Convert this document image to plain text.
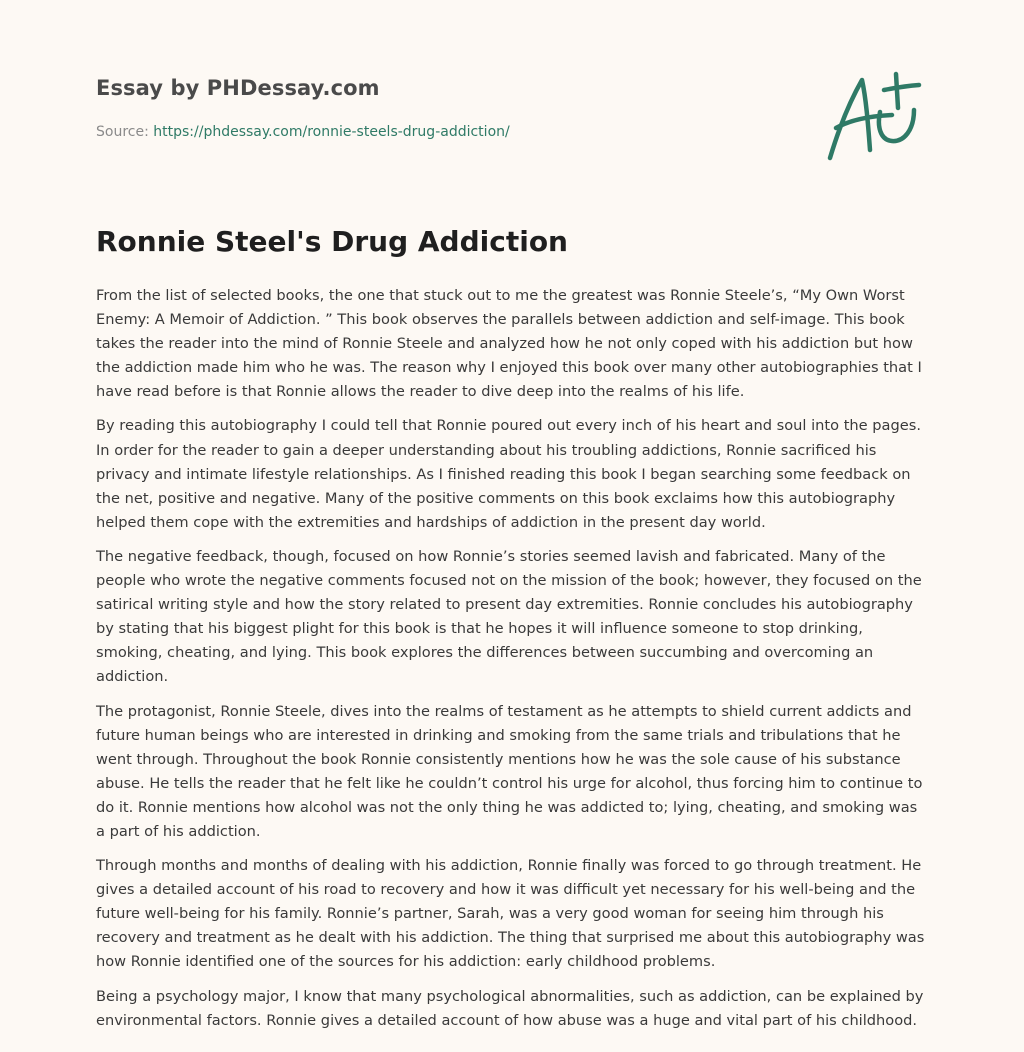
Essay by PHDessay.com
Source: https://phdessay.com/ronnie-steels-drug-addiction/
Ronnie Steel's Drug Addiction

From the list of selected books, the one that stuck out to me the greatest was Ronnie Steele’s, “My Own Worst Enemy: A Memoir of Addiction. ” This book observes the parallels between addiction and self-image. This book takes the reader into the mind of Ronnie Steele and analyzed how he not only coped with his addiction but how the addiction made him who he was. The reason why I enjoyed this book over many other autobiographies that I have read before is that Ronnie allows the reader to dive deep into the realms of his life.

By reading this autobiography I could tell that Ronnie poured out every inch of his heart and soul into the pages. In order for the reader to gain a deeper understanding about his troubling addictions, Ronnie sacrificed his privacy and intimate lifestyle relationships. As I finished reading this book I began searching some feedback on the net, positive and negative. Many of the positive comments on this book exclaims how this autobiography helped them cope with the extremities and hardships of addiction in the present day world.

The negative feedback, though, focused on how Ronnie’s stories seemed lavish and fabricated. Many of the people who wrote the negative comments focused not on the mission of the book; however, they focused on the satirical writing style and how the story related to present day extremities. Ronnie concludes his autobiography by stating that his biggest plight for this book is that he hopes it will influence someone to stop drinking, smoking, cheating, and lying. This book explores the differences between succumbing and overcoming an addiction.

The protagonist, Ronnie Steele, dives into the realms of testament as he attempts to shield current addicts and future human beings who are interested in drinking and smoking from the same trials and tribulations that he went through. Throughout the book Ronnie consistently mentions how he was the sole cause of his substance abuse. He tells the reader that he felt like he couldn’t control his urge for alcohol, thus forcing him to continue to do it. Ronnie mentions how alcohol was not the only thing he was addicted to; lying, cheating, and smoking was a part of his addiction.

Through months and months of dealing with his addiction, Ronnie finally was forced to go through treatment. He gives a detailed account of his road to recovery and how it was difficult yet necessary for his well-being and the future well-being for his family. Ronnie’s partner, Sarah, was a very good woman for seeing him through his recovery and treatment as he dealt with his addiction. The thing that surprised me about this autobiography was how Ronnie identified one of the sources for his addiction: early childhood problems.

Being a psychology major, I know that many psychological abnormalities, such as addiction, can be explained by environmental factors. Ronnie gives a detailed account of how abuse was a huge and vital part of his childhood.
